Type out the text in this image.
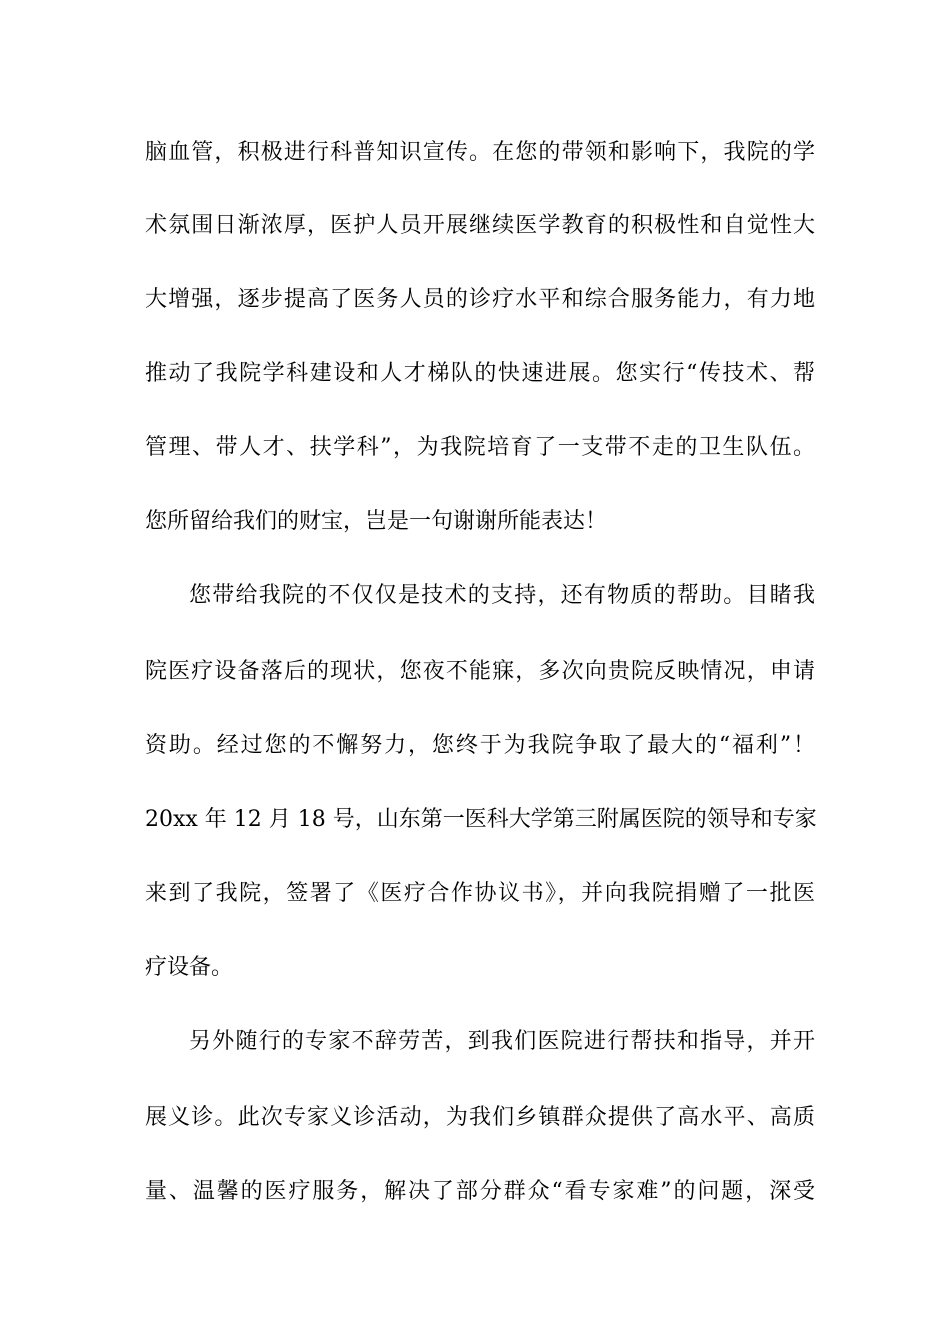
脑血管，积极进行科普知识宣传。在您的带领和影响下，我院的学
术氛围日渐浓厚，医护人员开展继续医学教育的积极性和自觉性大
大增强，逐步提高了医务人员的诊疗水平和综合服务能力，有力地
推动了我院学科建设和人才梯队的快速进展。您实行“传技术、帮
管理、带人才、扶学科”，为我院培育了一支带不走的卫生队伍。
您所留给我们的财宝，岂是一句谢谢所能表达！
您带给我院的不仅仅是技术的支持，还有物质的帮助。目睹我
院医疗设备落后的现状，您夜不能寐，多次向贵院反映情况，申请
资助。经过您的不懈努力，您终于为我院争取了最大的“福利”！
20xx 年 12 月 18 号，山东第一医科大学第三附属医院的领导和专家
来到了我院，签署了《医疗合作协议书》，并向我院捐赠了一批医
疗设备。
另外随行的专家不辞劳苦，到我们医院进行帮扶和指导，并开
展义诊。此次专家义诊活动，为我们乡镇群众提供了高水平、高质
量、温馨的医疗服务，解决了部分群众“看专家难”的问题，深受
